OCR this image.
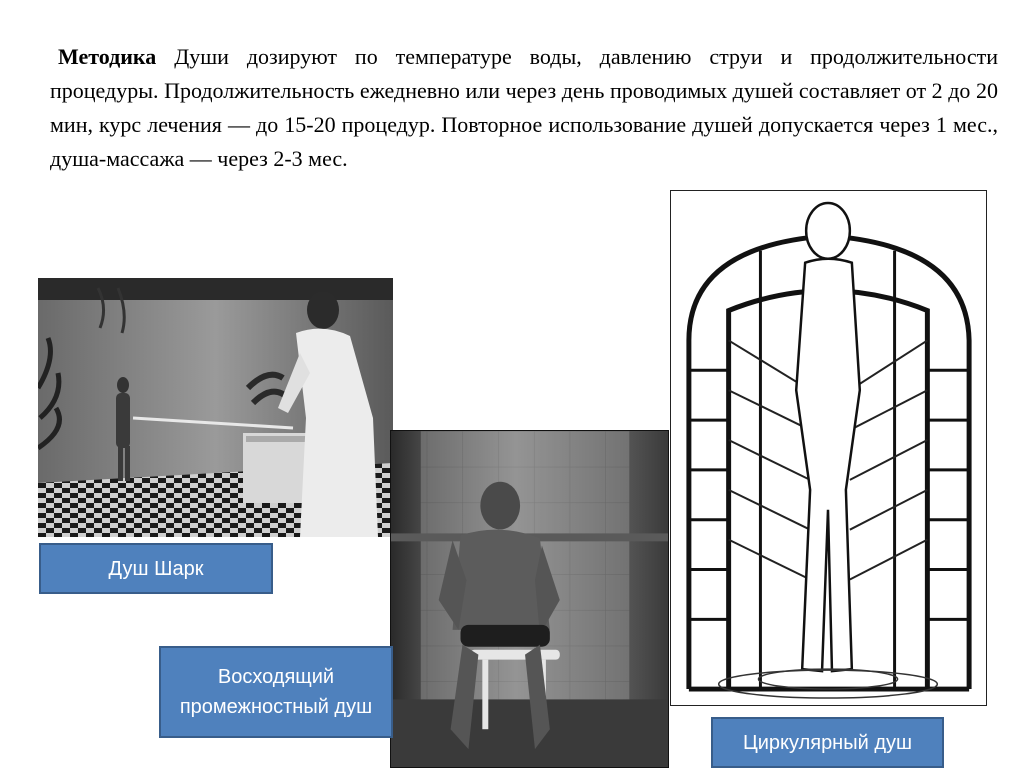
Методика Души дозируют по температуре воды, давлению струи и продолжительности процедуры. Продолжительность ежедневно или через день проводимых душей составляет от 2 до 20 мин, курс лечения — до 15-20 процедур. Повторное использование душей допускается через 1 мес., душа-массажа — через 2-3 мес.
Душ Шарк
Восходящий промежностный душ
Циркулярный душ
